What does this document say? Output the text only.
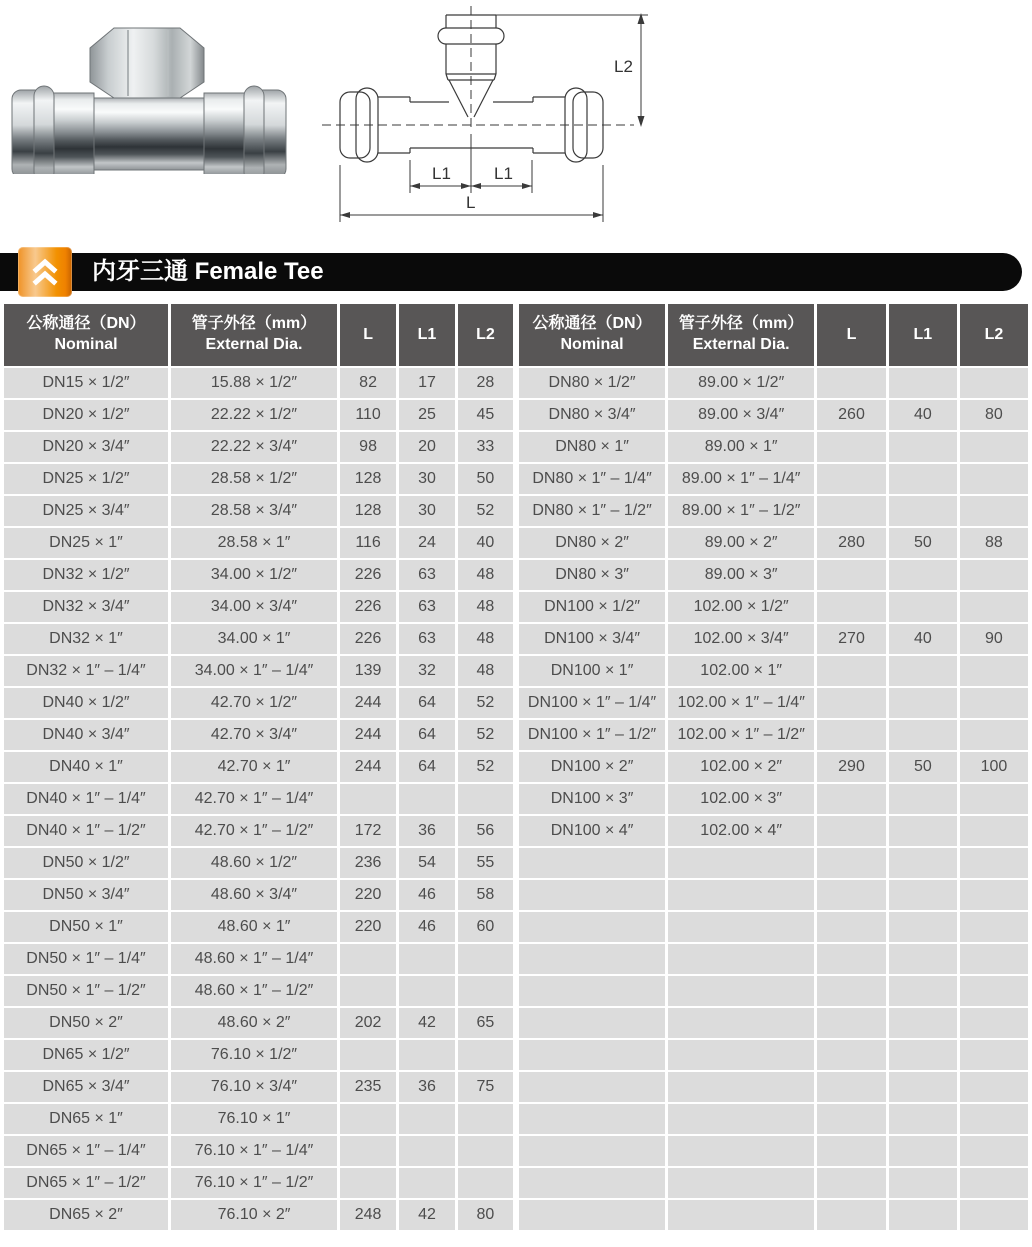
L2
L1	L1
L
内牙三通 Female Tee
公称通径（DN）
Nominal

管子外径（mm）
External Dia.
	L	L1	L2
DN15 × 1/2″	15.88 × 1/2″	82	17	28
DN20 × 1/2″	22.22 × 1/2″	110	25	45
DN20 × 3/4″	22.22 × 3/4″	98	20	33
DN25 × 1/2″	28.58 × 1/2″	128	30	50
DN25 × 3/4″	28.58 × 3/4″	128	30	52
DN25 × 1″	28.58 × 1″	116	24	40
DN32 × 1/2″	34.00 × 1/2″	226	63	48
DN32 × 3/4″	34.00 × 3/4″	226	63	48
DN32 × 1″	34.00 × 1″	226	63	48
DN32 × 1″ – 1/4″	34.00 × 1″ – 1/4″	139	32	48
DN40 × 1/2″	42.70 × 1/2″	244	64	52
DN40 × 3/4″	42.70 × 3/4″	244	64	52
DN40 × 1″	42.70 × 1″	244	64	52
DN40 × 1″ – 1/4″	42.70 × 1″ – 1/4″			
DN40 × 1″ – 1/2″	42.70 × 1″ – 1/2″	172	36	56
DN50 × 1/2″	48.60 × 1/2″	236	54	55
DN50 × 3/4″	48.60 × 3/4″	220	46	58
DN50 × 1″	48.60 × 1″	220	46	60
DN50 × 1″ – 1/4″	48.60 × 1″ – 1/4″			
DN50 × 1″ – 1/2″	48.60 × 1″ – 1/2″			
DN50 × 2″	48.60 × 2″	202	42	65
DN65 × 1/2″	76.10 × 1/2″			
DN65 × 3/4″	76.10 × 3/4″	235	36	75
DN65 × 1″	76.10 × 1″			
DN65 × 1″ – 1/4″	76.10 × 1″ – 1/4″			
DN65 × 1″ – 1/2″	76.10 × 1″ – 1/2″			
DN65 × 2″	76.10 × 2″	248	42	80
公称通径（DN）
Nominal

管子外径（mm）
External Dia.
	L	L1	L2
DN80 × 1/2″	89.00 × 1/2″			
DN80 × 3/4″	89.00 × 3/4″	260	40	80
DN80 × 1″	89.00 × 1″			
DN80 × 1″ – 1/4″	89.00 × 1″ – 1/4″			
DN80 × 1″ – 1/2″	89.00 × 1″ – 1/2″			
DN80 × 2″	89.00 × 2″	280	50	88
DN80 × 3″	89.00 × 3″			
DN100 × 1/2″	102.00 × 1/2″			
DN100 × 3/4″	102.00 × 3/4″	270	40	90
DN100 × 1″	102.00 × 1″			
DN100 × 1″ – 1/4″	102.00 × 1″ – 1/4″			
DN100 × 1″ – 1/2″	102.00 × 1″ – 1/2″			
DN100 × 2″	102.00 × 2″	290	50	100
DN100 × 3″	102.00 × 3″			
DN100 × 4″	102.00 × 4″			
